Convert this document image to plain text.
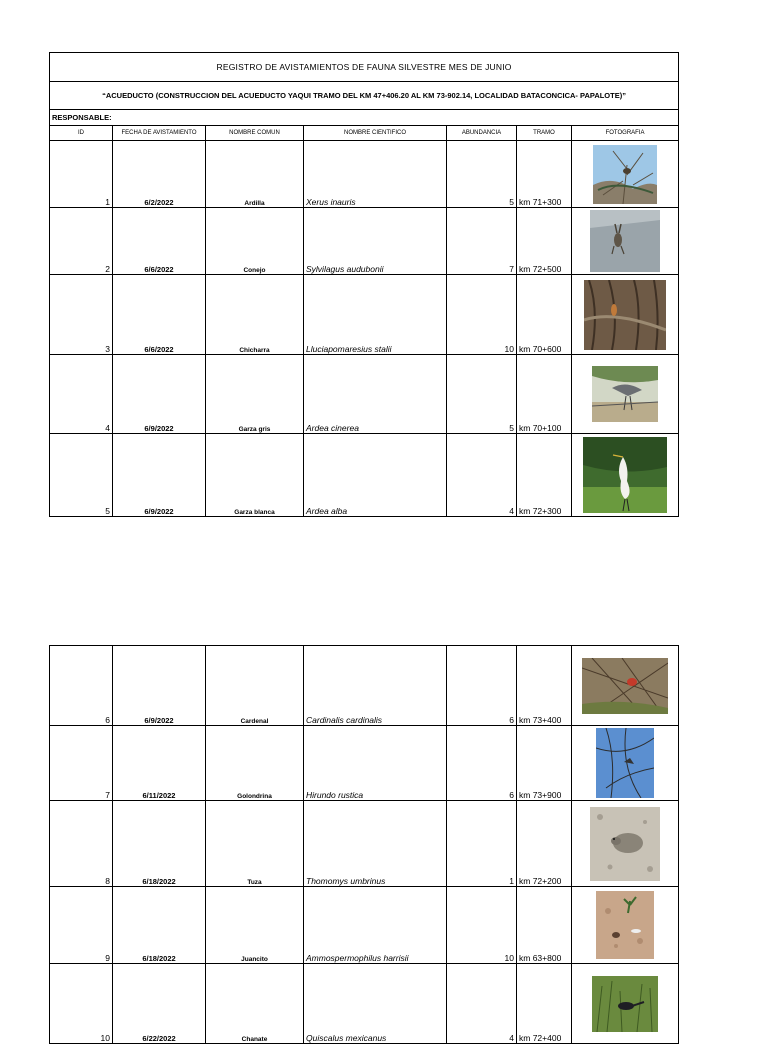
REGISTRO DE AVISTAMIENTOS DE FAUNA SILVESTRE MES DE JUNIO						
“ACUEDUCTO (CONSTRUCCION DEL ACUEDUCTO YAQUI TRAMO DEL KM 47+406.20 AL KM 73-902.14, LOCALIDAD BATACONCICA- PAPALOTE)”						
RESPONSABLE:						
ID	FECHA DE AVISTAMIENTO	NOMBRE COMUN	NOMBRE CIENTIFICO	ABUNDANCIA	TRAMO	FOTOGRAFIA
1	6/2/2022	Ardilla	Xerus inauris	5	km 71+300	

2	6/6/2022	Conejo	Sylvilagus audubonii	7	km 72+500	

3	6/6/2022	Chicharra	Lluciapomaresius stalii	10	km 70+600	

4	6/9/2022	Garza gris	Ardea cinerea	5	km 70+100	

5	6/9/2022	Garza blanca	Ardea alba	4	km 72+300	
6	6/9/2022	Cardenal	Cardinalis cardinalis	6	km 73+400	

7	6/11/2022	Golondrina	Hirundo rustica	6	km 73+900	

8	6/18/2022	Tuza	Thomomys umbrinus	1	km 72+200	

9	6/18/2022	Juancito	Ammospermophilus harrisii	10	km 63+800	

10	6/22/2022	Chanate	Quiscalus mexicanus	4	km 72+400	
